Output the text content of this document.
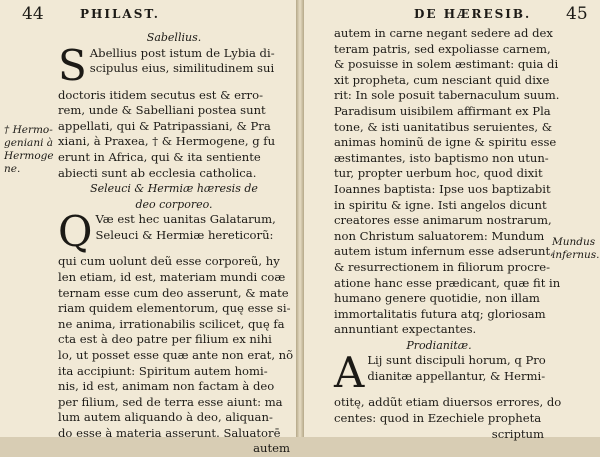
44	PHILAST.
Sabellius.
S Abellius post istum de Lybia di-
scipulus eius, similitudinem sui
doctoris itidem secutus est & erro-
rem, unde & Sabelliani postea sunt
appellati, qui & Patripassiani, & Pra
xiani, à Praxea, † & Hermogene, g fu
erunt in Africa, qui & ita sentiente
abiecti sunt ab ecclesia catholica.
Seleuci & Hermiæ hæresis de
deo corporeo.
Q Væ est hec uanitas Galatarum,
Seleuci & Hermiæ hereticorũ:
qui cum uolunt deũ esse corporeũ, hy
len etiam, id est, materiam mundi coæ
ternam esse cum deo asserunt, & mate
riam quidem elementorum, quę esse si-
ne anima, irrationabilis scilicet, quę fa
cta est à deo patre per filium ex nihi
lo, ut posset esse quæ ante non erat, nõ
ita accipiunt: Spiritum autem homi-
nis, id est, animam non factam à deo
per filium, sed de terra esse aiunt: ma
lum autem aliquando à deo, aliquan-
do esse à materia asserunt. Saluatorē
autem
† Hermo-
geniani à
Hermoge
ne.
DE HÆRESIB. 45
autem in carne negant sedere ad dex
teram patris, sed expoliasse carnem,
& posuisse in solem æstimant: quia di
xit propheta, cum nesciant quid dixe
rit: In sole posuit tabernaculum suum.
Paradisum uisibilem affirmant ex Pla
tone, & isti uanitatibus seruientes, &
animas hominũ de igne & spiritu esse
æstimantes, isto baptismo non utun-
tur, propter uerbum hoc, quod dixit
Ioannes baptista: Ipse uos baptizabit
in spiritu & igne. Isti angelos dicunt
creatores esse animarum nostrarum,
non Christum saluatorem: Mundum
autem istum infernum esse adserunt,
& resurrectionem in filiorum procre-
atione hanc esse prædicant, quæ fit in
humano genere quotidie, non illam
immortalitatis futura atq; gloriosam
annuntiant expectantes.
Prodianitæ.
A Lij sunt discipuli horum, q Pro
dianitæ appellantur, & Hermi-
otitę, addũt etiam diuersos errores, do
centes: quod in Ezechiele propheta
scriptum
Mundus
infernus.
